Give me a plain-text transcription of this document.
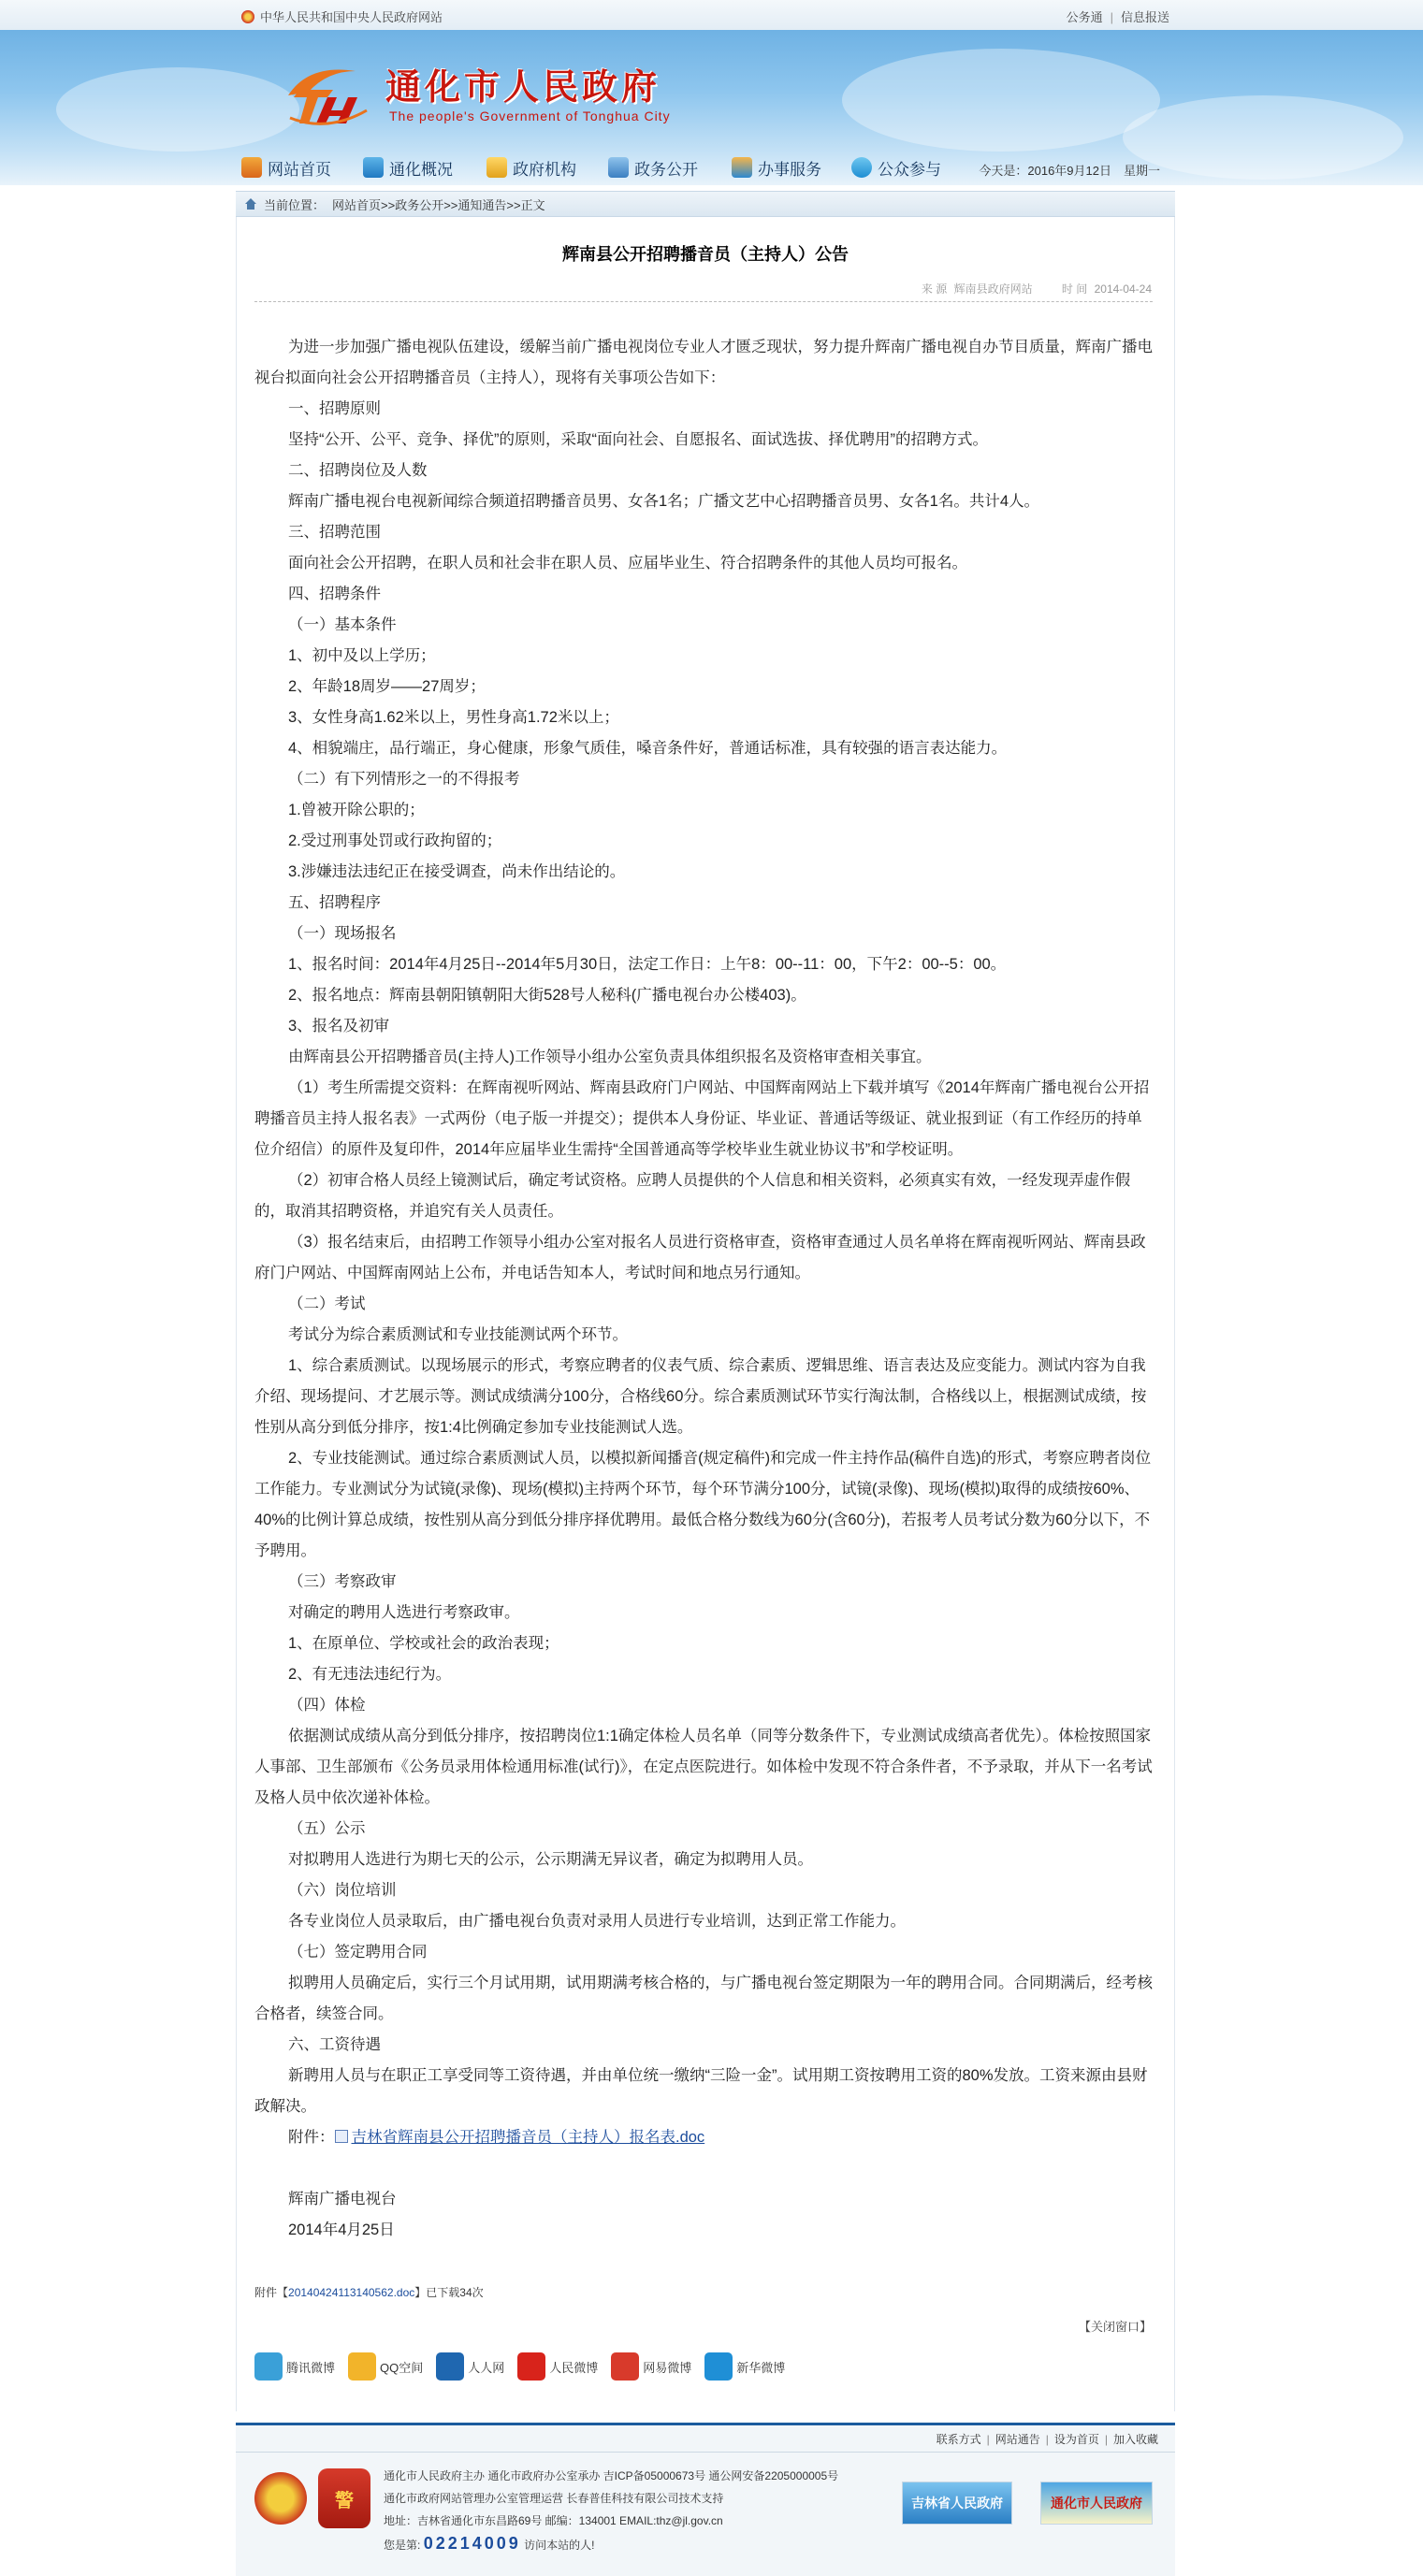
中华人民共和国中央人民政府网站	公务通 | 信息报送
通化市人民政府
The people's Government of Tonghua City
网站首页	通化概况	政府机构	政务公开	办事服务	公众参与	今天是：2016年9月12日　星期一
当前位置： 网站首页>>政务公开>>通知通告>>正文
辉南县公开招聘播音员（主持人）公告
来 源 辉南县政府网站	时 间 2014-04-24

为进一步加强广播电视队伍建设，缓解当前广播电视岗位专业人才匮乏现状，努力提升辉南广播电视自办节目质量，辉南广播电视台拟面向社会公开招聘播音员（主持人），现将有关事项公告如下：

一、招聘原则

坚持“公开、公平、竞争、择优”的原则，采取“面向社会、自愿报名、面试选拔、择优聘用”的招聘方式。

二、招聘岗位及人数

辉南广播电视台电视新闻综合频道招聘播音员男、女各1名；广播文艺中心招聘播音员男、女各1名。共计4人。

三、招聘范围

面向社会公开招聘，在职人员和社会非在职人员、应届毕业生、符合招聘条件的其他人员均可报名。

四、招聘条件

（一）基本条件

1、初中及以上学历；

2、年龄18周岁——27周岁；

3、女性身高1.62米以上，男性身高1.72米以上；

4、相貌端庄，品行端正，身心健康，形象气质佳，嗓音条件好，普通话标准，具有较强的语言表达能力。

（二）有下列情形之一的不得报考

1.曾被开除公职的；

2.受过刑事处罚或行政拘留的；

3.涉嫌违法违纪正在接受调查，尚未作出结论的。

五、招聘程序

（一）现场报名

1、报名时间：2014年4月25日--2014年5月30日，法定工作日：上午8：00--11：00，下午2：00--5：00。

2、报名地点：辉南县朝阳镇朝阳大街528号人秘科(广播电视台办公楼403)。

3、报名及初审

由辉南县公开招聘播音员(主持人)工作领导小组办公室负责具体组织报名及资格审查相关事宜。

（1）考生所需提交资料：在辉南视听网站、辉南县政府门户网站、中国辉南网站上下载并填写《2014年辉南广播电视台公开招聘播音员主持人报名表》一式两份（电子版一并提交）；提供本人身份证、毕业证、普通话等级证、就业报到证（有工作经历的持单位介绍信）的原件及复印件，2014年应届毕业生需持“全国普通高等学校毕业生就业协议书”和学校证明。

（2）初审合格人员经上镜测试后，确定考试资格。应聘人员提供的个人信息和相关资料，必须真实有效，一经发现弄虚作假的，取消其招聘资格，并追究有关人员责任。

（3）报名结束后，由招聘工作领导小组办公室对报名人员进行资格审查，资格审查通过人员名单将在辉南视听网站、辉南县政府门户网站、中国辉南网站上公布，并电话告知本人，考试时间和地点另行通知。

（二）考试

考试分为综合素质测试和专业技能测试两个环节。

1、综合素质测试。以现场展示的形式，考察应聘者的仪表气质、综合素质、逻辑思维、语言表达及应变能力。测试内容为自我介绍、现场提问、才艺展示等。测试成绩满分100分，合格线60分。综合素质测试环节实行淘汰制，合格线以上，根据测试成绩，按性别从高分到低分排序，按1:4比例确定参加专业技能测试人选。

2、专业技能测试。通过综合素质测试人员，以模拟新闻播音(规定稿件)和完成一件主持作品(稿件自选)的形式，考察应聘者岗位工作能力。专业测试分为试镜(录像)、现场(模拟)主持两个环节，每个环节满分100分，试镜(录像)、现场(模拟)取得的成绩按60%、40%的比例计算总成绩，按性别从高分到低分排序择优聘用。最低合格分数线为60分(含60分)，若报考人员考试分数为60分以下，不予聘用。

（三）考察政审

对确定的聘用人选进行考察政审。

1、在原单位、学校或社会的政治表现；

2、有无违法违纪行为。

（四）体检

依据测试成绩从高分到低分排序，按招聘岗位1:1确定体检人员名单（同等分数条件下，专业测试成绩高者优先）。体检按照国家人事部、卫生部颁布《公务员录用体检通用标准(试行)》，在定点医院进行。如体检中发现不符合条件者，不予录取，并从下一名考试及格人员中依次递补体检。

（五）公示

对拟聘用人选进行为期七天的公示，公示期满无异议者，确定为拟聘用人员。

（六）岗位培训

各专业岗位人员录取后，由广播电视台负责对录用人员进行专业培训，达到正常工作能力。

（七）签定聘用合同

拟聘用人员确定后，实行三个月试用期，试用期满考核合格的，与广播电视台签定期限为一年的聘用合同。合同期满后，经考核合格者，续签合同。

六、工资待遇

新聘用人员与在职正工享受同等工资待遇，并由单位统一缴纳“三险一金”。试用期工资按聘用工资的80%发放。工资来源由县财政解决。

附件： 吉林省辉南县公开招聘播音员（主持人）报名表.doc

辉南广播电视台

2014年4月25日

附件【20140424113140562.doc】已下载34次
【关闭窗口】
腾讯微博	QQ空间	人人网	人民微博	网易微博	新华微博
联系方式 | 网站通告 | 设为首页 | 加入收藏
警
通化市人民政府主办 通化市政府办公室承办 吉ICP备05000673号 通公网安备2205000005号
通化市政府网站管理办公室管理运营 长春普佳科技有限公司技术支持
地址：吉林省通化市东昌路69号 邮编：134001 EMAIL:thz@jl.gov.cn
您是第: 02214009 访问本站的人!
吉林省人民政府	通化市人民政府
